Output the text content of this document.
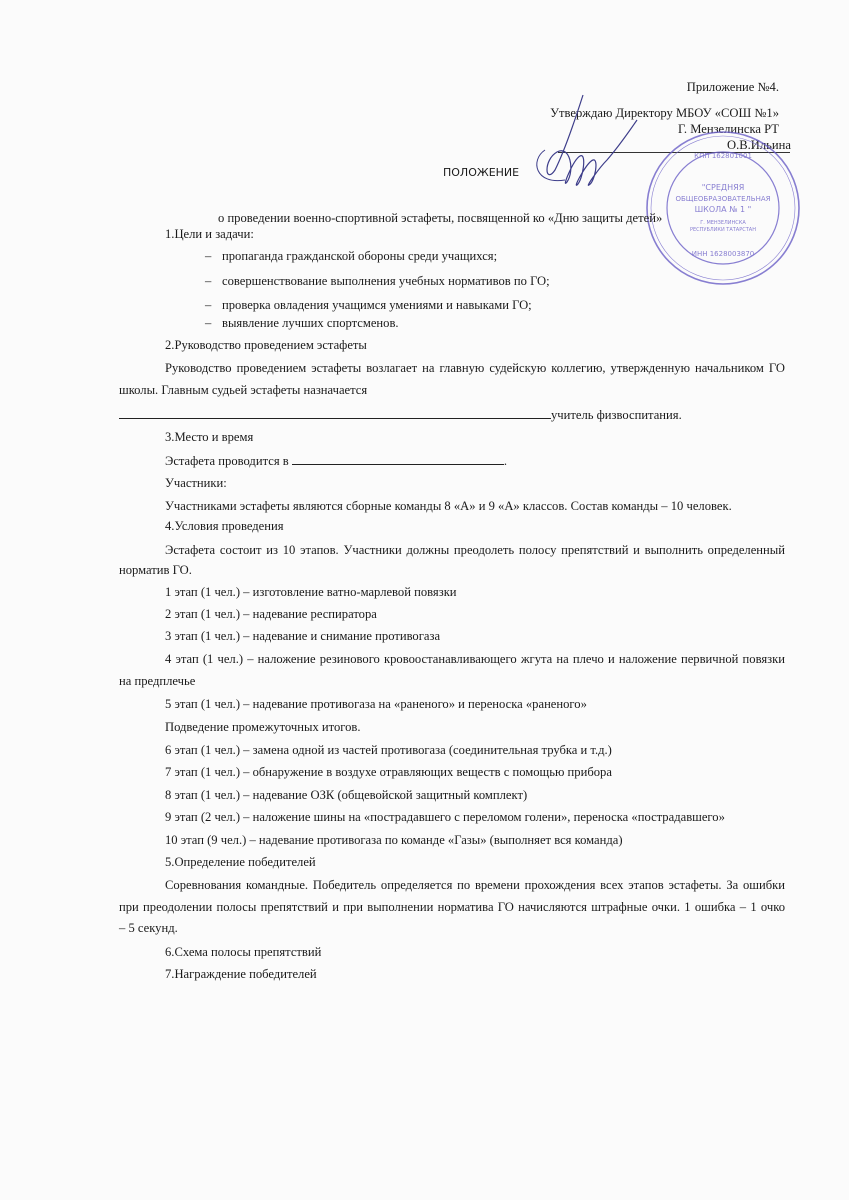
Приложение №4.
Утверждаю Директору МБОУ «СОШ №1»
Г. Мензелинска РТ
О.В.Ильина
КПП 162801001
"СРЕДНЯЯ
ОБЩЕОБРАЗОВАТЕЛЬНАЯ
ШКОЛА № 1 "
Г. МЕНЗЕЛИНСКА
РЕСПУБЛИКИ ТАТАРСТАН
ИНН 1628003870
ПОЛОЖЕНИЕ
о проведении военно-спортивной эстафеты, посвященной ко «Дню защиты детей»
1.Цели и задачи:
– пропаганда гражданской обороны среди учащихся;
– совершенствование выполнения учебных нормативов по ГО;
– проверка овладения учащимся умениями и навыками ГО;
– выявление лучших спортсменов.
2.Руководство проведением эстафеты
Руководство проведением эстафеты возлагает на главную судейскую коллегию, утвержденную начальником ГО
школы. Главным судьей эстафеты назначается
учитель физвоспитания.
3.Место и время
Эстафета проводится в	.
Участники:
Участниками эстафеты являются сборные команды 8 «А» и 9 «А» классов. Состав команды – 10 человек.
4.Условия проведения
Эстафета состоит из 10 этапов. Участники должны преодолеть полосу препятствий и выполнить определенный
норматив ГО.
1 этап (1 чел.) – изготовление ватно-марлевой повязки
2 этап (1 чел.) – надевание респиратора
3 этап (1 чел.) – надевание и снимание противогаза
4 этап (1 чел.) – наложение резинового кровоостанавливающего жгута на плечо и наложение первичной повязки
на предплечье
5 этап (1 чел.) – надевание противогаза на «раненого» и переноска «раненого»
Подведение промежуточных итогов.
6 этап (1 чел.) – замена одной из частей противогаза (соединительная трубка и т.д.)
7 этап (1 чел.) – обнаружение в воздухе отравляющих веществ с помощью прибора
8 этап (1 чел.) – надевание ОЗК (общевойской защитный комплект)
9 этап (2 чел.) – наложение шины на «пострадавшего с переломом голени», переноска «пострадавшего»
10 этап (9 чел.) – надевание противогаза по команде «Газы» (выполняет вся команда)
5.Определение победителей
Соревнования командные. Победитель определяется по времени прохождения всех этапов эстафеты. За ошибки
при преодолении полосы препятствий и при выполнении норматива ГО начисляются штрафные очки. 1 ошибка – 1 очко
– 5 секунд.
6.Схема полосы препятствий
7.Награждение победителей
